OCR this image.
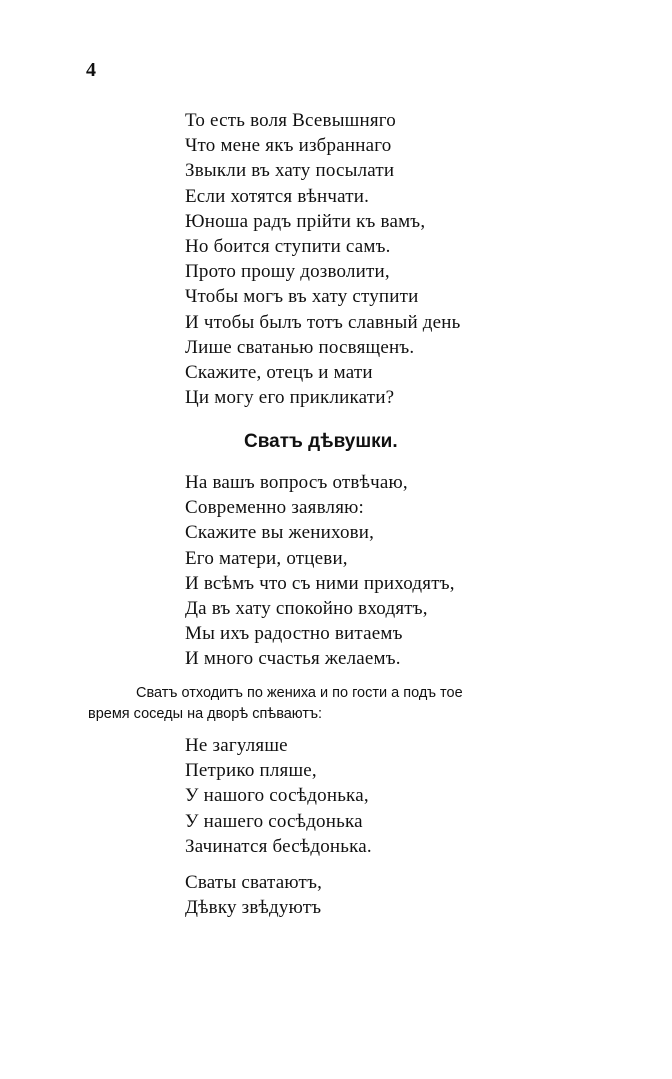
4
То есть воля Всевышняго
Что мене якъ избраннаго
Звыкли въ хату посылати
Если хотятся вѣнчати.
Юноша радъ прійти къ вамъ,
Но боится ступити самъ.
Прото прошу дозволити,
Чтобы могъ въ хату ступити
И чтобы былъ тотъ славный день
Лише сватанью посвященъ.
Скажите, отецъ и мати
Ци могу его прикликати?
Сватъ дѣвушки.
На вашъ вопросъ отвѣчаю,
Современно заявляю:
Скажите вы женихови,
Его матери, отцеви,
И всѣмъ что съ ними приходятъ,
Да въ хату спокойно входятъ,
Мы ихъ радостно витаемъ
И много счастья желаемъ.
Сватъ отходитъ по жениха и по гости а подъ тое
время соседы на дворѣ спѣваютъ:
Не загуляше
Петрико пляше,
У нашого сосѣдонька,
У нашего сосѣдонька
Зачинатся бесѣдонька.
Сваты сватаютъ,
Дѣвку звѣдуютъ
